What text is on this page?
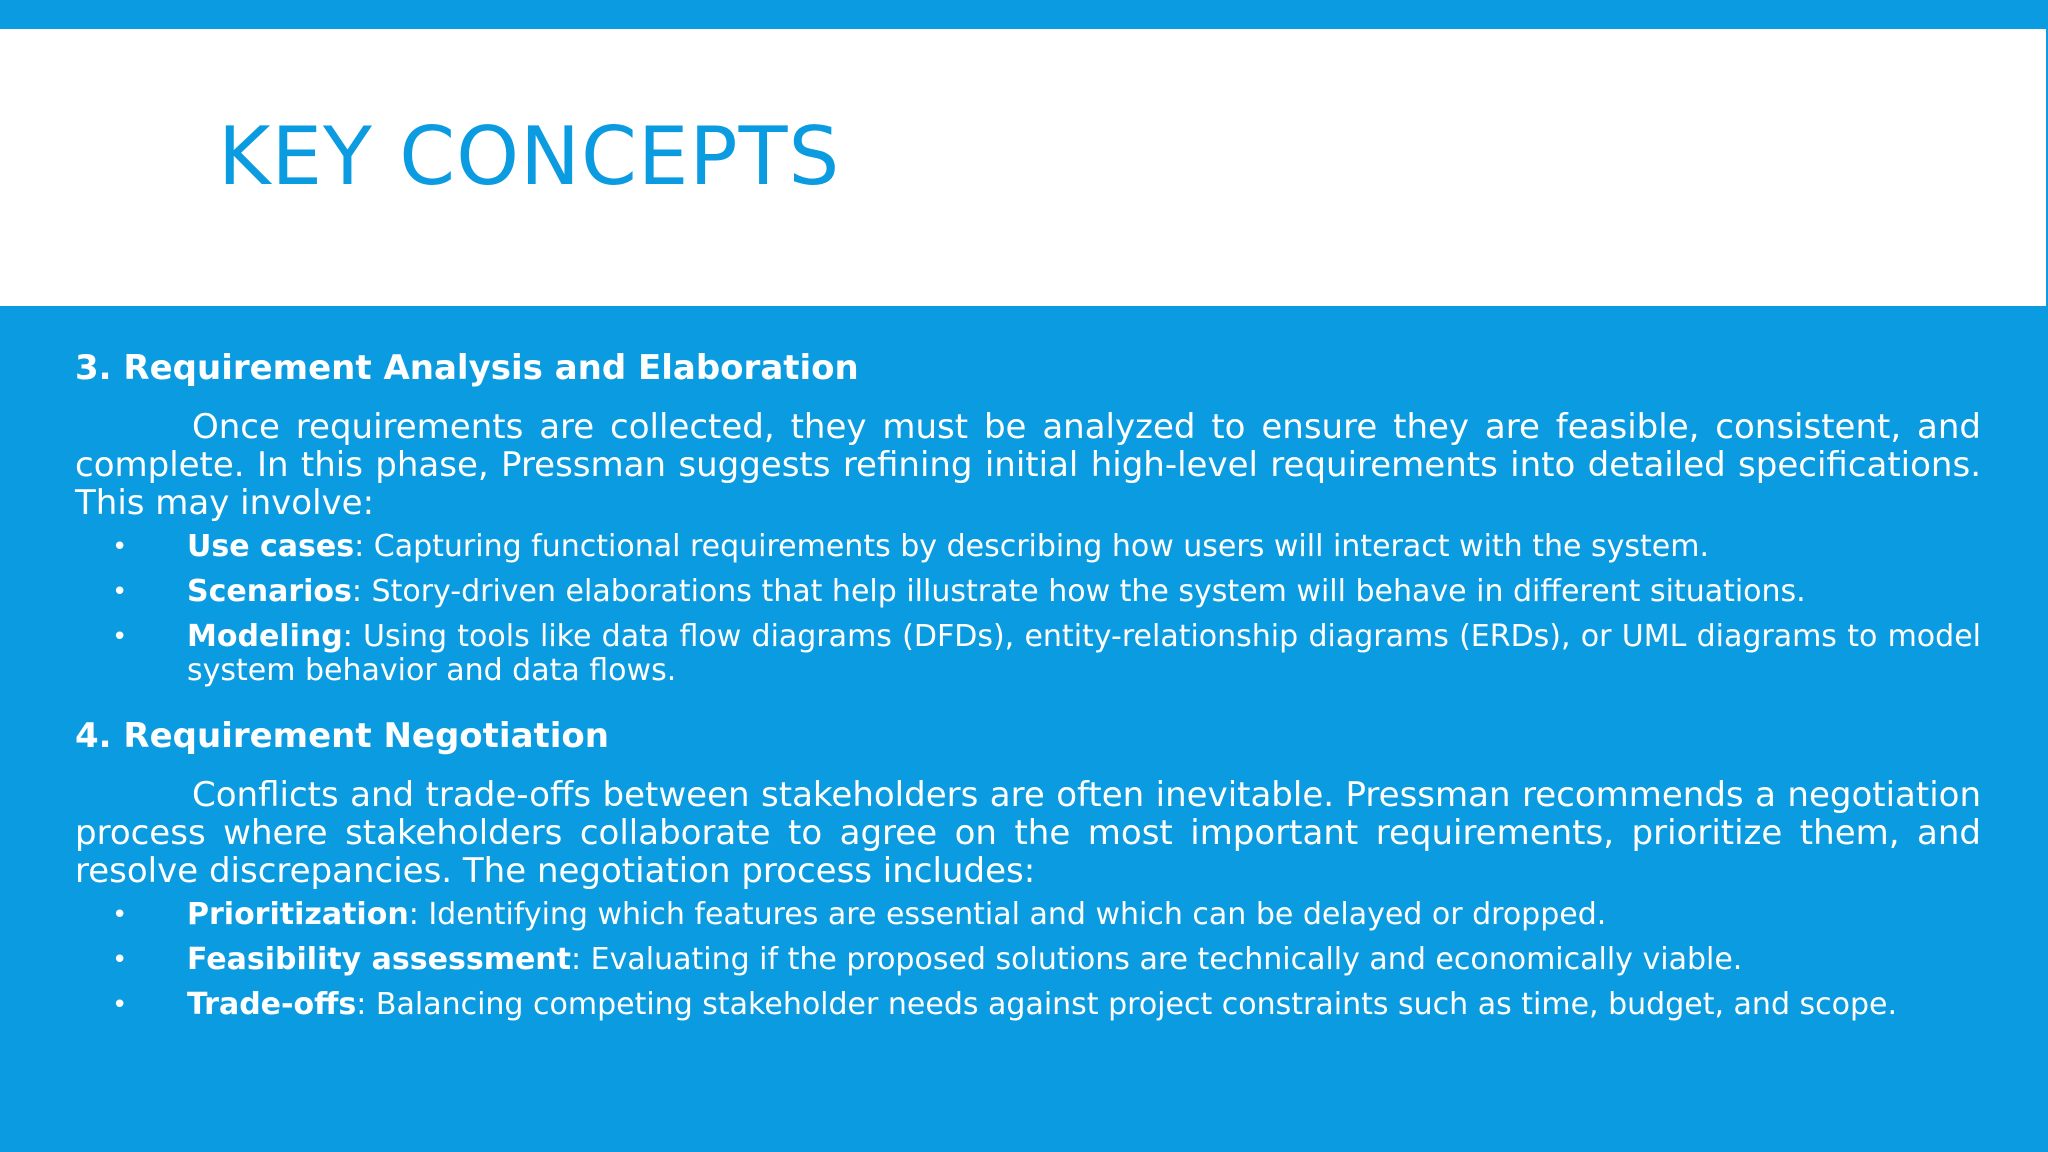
KEY CONCEPTS
3. Requirement Analysis and Elaboration

Once requirements are collected, they must be analyzed to ensure they are feasible, consistent, and complete. In this phase, Pressman suggests refining initial high-level requirements into detailed specifications. This may involve:

• Use cases: Capturing functional requirements by describing how users will interact with the system.
• Scenarios: Story-driven elaborations that help illustrate how the system will behave in different situations.
• Modeling: Using tools like data flow diagrams (DFDs), entity-relationship diagrams (ERDs), or UML diagrams to model system behavior and data flows.
4. Requirement Negotiation

Conflicts and trade-offs between stakeholders are often inevitable. Pressman recommends a negotiation process where stakeholders collaborate to agree on the most important requirements, prioritize them, and resolve discrepancies. The negotiation process includes:

• Prioritization: Identifying which features are essential and which can be delayed or dropped.
• Feasibility assessment: Evaluating if the proposed solutions are technically and economically viable.
• Trade-offs: Balancing competing stakeholder needs against project constraints such as time, budget, and scope.
